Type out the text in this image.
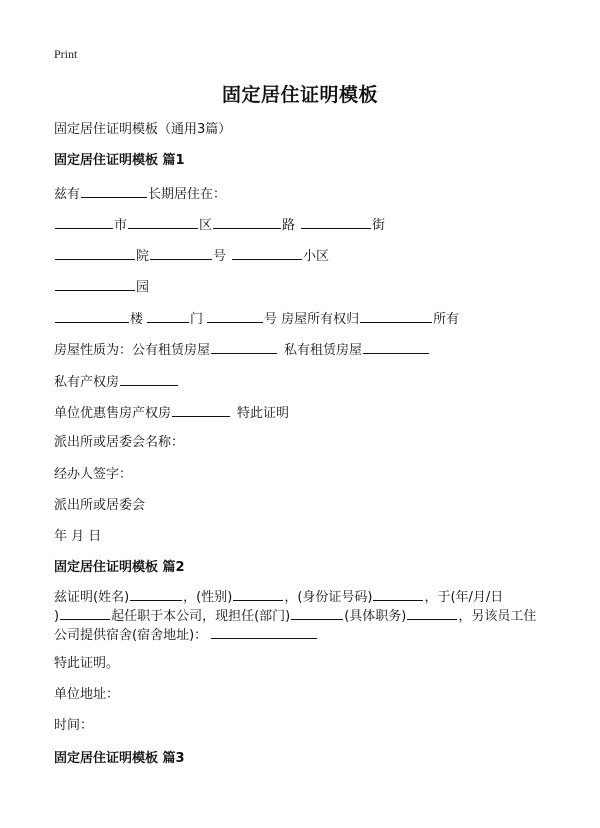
Print
固定居住证明模板
固定居住证明模板（通用3篇）
固定居住证明模板 篇1
兹有	长期居住在：
市	区	路	街
院	号	小区
园
楼	门	号 房屋所有权归	所有
房屋性质为：公有租赁房屋	私有租赁房屋
私有产权房
单位优惠售房产权房	特此证明
派出所或居委会名称：
经办人签字：
派出所或居委会
年 月 日
固定居住证明模板 篇2
兹证明(姓名)	，(性别)	，(身份证号码)	，于(年/月/日
)	起任职于本公司，现担任(部门)	(具体职务)	，另该员工住公司提供宿舍(宿舍地址)：
特此证明。
单位地址：
时间：
固定居住证明模板 篇3
